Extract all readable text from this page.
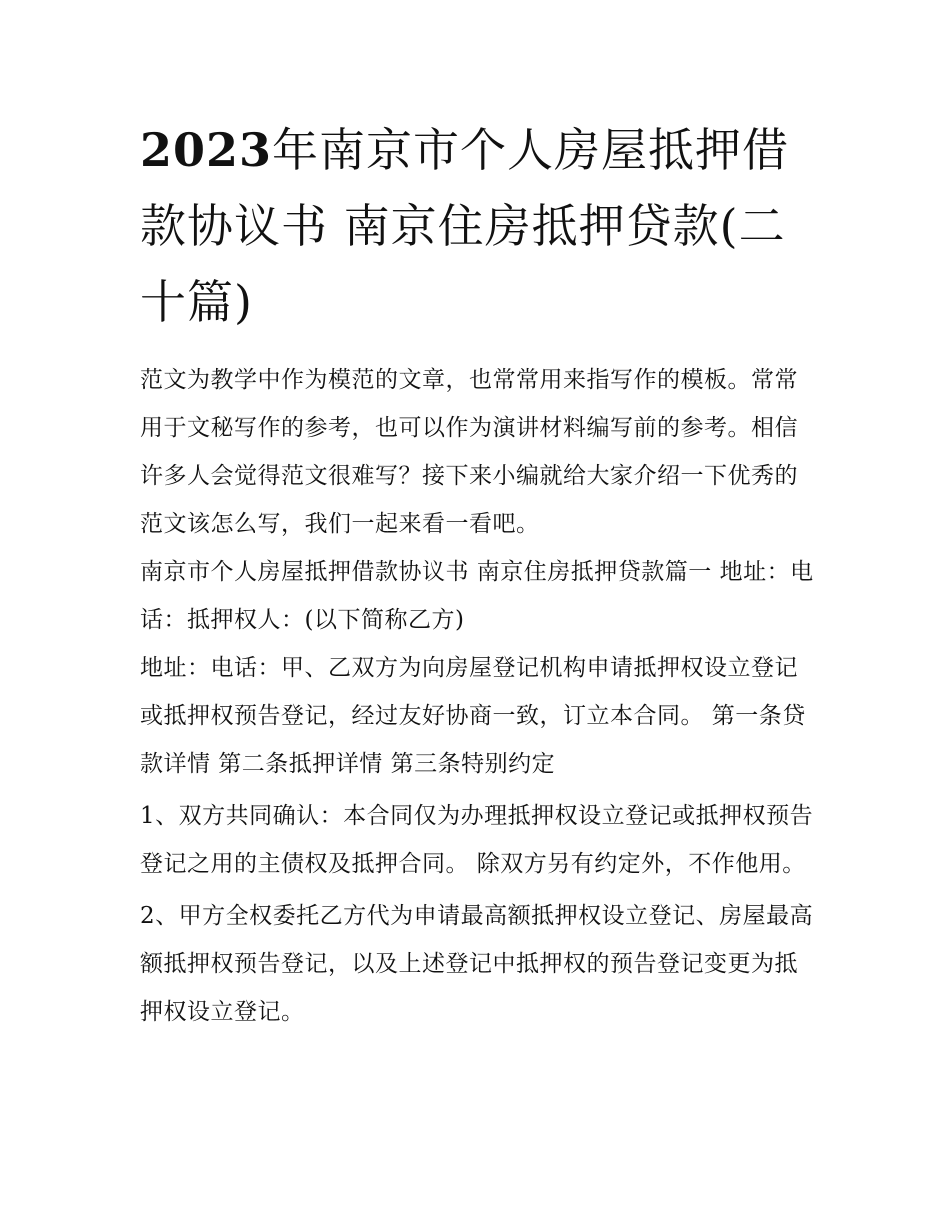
2023年南京市个人房屋抵押借款协议书 南京住房抵押贷款(二十篇)

范文为教学中作为模范的文章，也常常用来指写作的模板。常常用于文秘写作的参考，也可以作为演讲材料编写前的参考。相信许多人会觉得范文很难写？接下来小编就给大家介绍一下优秀的范文该怎么写，我们一起来看一看吧。

南京市个人房屋抵押借款协议书 南京住房抵押贷款篇一 地址：电话：抵押权人：(以下简称乙方)

地址：电话：甲、乙双方为向房屋登记机构申请抵押权设立登记或抵押权预告登记，经过友好协商一致，订立本合同。 第一条贷款详情 第二条抵押详情 第三条特别约定

1、双方共同确认：本合同仅为办理抵押权设立登记或抵押权预告登记之用的主债权及抵押合同。 除双方另有约定外，不作他用。

2、甲方全权委托乙方代为申请最高额抵押权设立登记、房屋最高额抵押权预告登记，以及上述登记中抵押权的预告登记变更为抵押权设立登记。
